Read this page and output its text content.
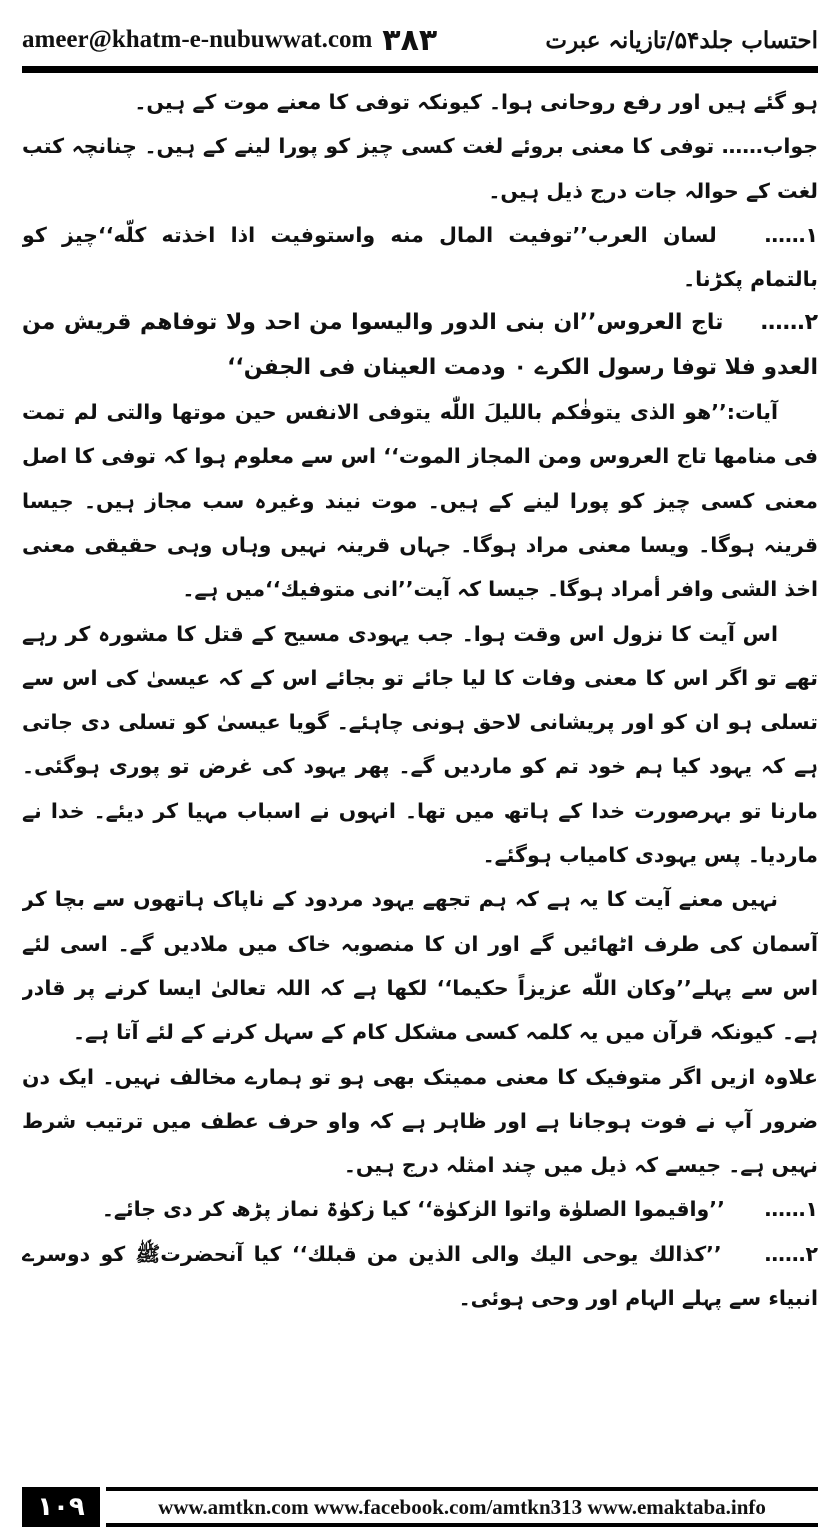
ameer@khatm-e-nubuwwat.com ۳۸۳	احتساب جلد۵۴/تازیانہ عبرت

ہو گئے ہیں اور رفع روحانی ہوا۔ کیونکہ توفی کا معنے موت کے ہیں۔

جواب…… توفی کا معنی بروئے لغت کسی چیز کو پورا لینے کے ہیں۔ چنانچہ کتب لغت کے حوالہ جات درج ذیل ہیں۔

۱…… لسان العرب’’توفیت المال منه واستوفیت اذا اخذته كلّه‘‘چیز کو بالتمام پکڑنا۔

۲…… تاج العروس’’ان بنی الدور والیسوا من احد ولا توفاهم قریش من العدو فلا توفا رسول الكرے ۰ ودمت العینان فی الجفن‘‘

آیات:’’هو الذی یتوفٰكم باللیلَ اللّٰه یتوفی الانفس حین موتها والتی لم تمت فی منامها تاج العروس ومن المجاز الموت‘‘ اس سے معلوم ہوا کہ توفی کا اصل معنی کسی چیز کو پورا لینے کے ہیں۔ موت نیند وغیرہ سب مجاز ہیں۔ جیسا قرینہ ہوگا۔ ویسا معنی مراد ہوگا۔ جہاں قرینہ نہیں وہاں وہی حقیقی معنی اخذ الشی وافر أمراد ہوگا۔ جیسا کہ آیت’’انی متوفیك‘‘میں ہے۔

اس آیت کا نزول اس وقت ہوا۔ جب یہودی مسیح کے قتل کا مشورہ کر رہے تھے تو اگر اس کا معنی وفات کا لیا جائے تو بجائے اس کے کہ عیسیٰ کی اس سے تسلی ہو ان کو اور پریشانی لاحق ہونی چاہئے۔ گویا عیسیٰ کو تسلی دی جاتی ہے کہ یہود کیا ہم خود تم کو ماردیں گے۔ پھر یہود کی غرض تو پوری ہوگئی۔ مارنا تو بہرصورت خدا کے ہاتھ میں تھا۔ انہوں نے اسباب مہیا کر دیئے۔ خدا نے ماردیا۔ پس یہودی کامیاب ہوگئے۔

نہیں معنے آیت کا یہ ہے کہ ہم تجھے یہود مردود کے ناپاک ہاتھوں سے بچا کر آسمان کی طرف اٹھائیں گے اور ان کا منصوبہ خاک میں ملادیں گے۔ اسی لئے اس سے پہلے’’وكان اللّٰه عزیزاً حكیما‘‘ لکھا ہے کہ اللہ تعالیٰ ایسا کرنے پر قادر ہے۔ کیونکہ قرآن میں یہ کلمہ کسی مشکل کام کے سہل کرنے کے لئے آتا ہے۔

علاوہ ازیں اگر متوفیک کا معنی ممیتک بھی ہو تو ہمارے مخالف نہیں۔ ایک دن ضرور آپ نے فوت ہوجانا ہے اور ظاہر ہے کہ واو حرف عطف میں ترتیب شرط نہیں ہے۔ جیسے کہ ذیل میں چند امثلہ درج ہیں۔

۱…… ’’واقیموا الصلوٰة واتوا الزكوٰة‘‘ کیا زکوٰۃ نماز پڑھ کر دی جائے۔

۲…… ’’كذالك یوحی الیك والی الذین من قبلك‘‘ کیا آنحضرتﷺ کو دوسرے انبیاء سے پہلے الہام اور وحی ہوئی۔

۱۰۹	www.amtkn.com www.facebook.com/amtkn313 www.emaktaba.info
